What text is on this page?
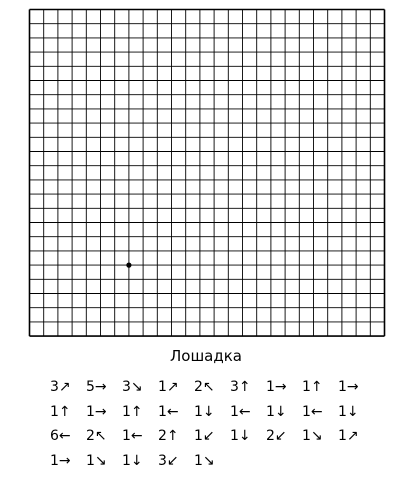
Лошадка
3↗ 5→ 3↘ 1↗ 2↖ 3↑ 1→ 1↑ 1→
1↑ 1→ 1↑ 1← 1↓ 1← 1↓ 1← 1↓
6← 2↖ 1← 2↑ 1↙ 1↓ 2↙ 1↘ 1↗
1→ 1↘ 1↓ 3↙ 1↘
